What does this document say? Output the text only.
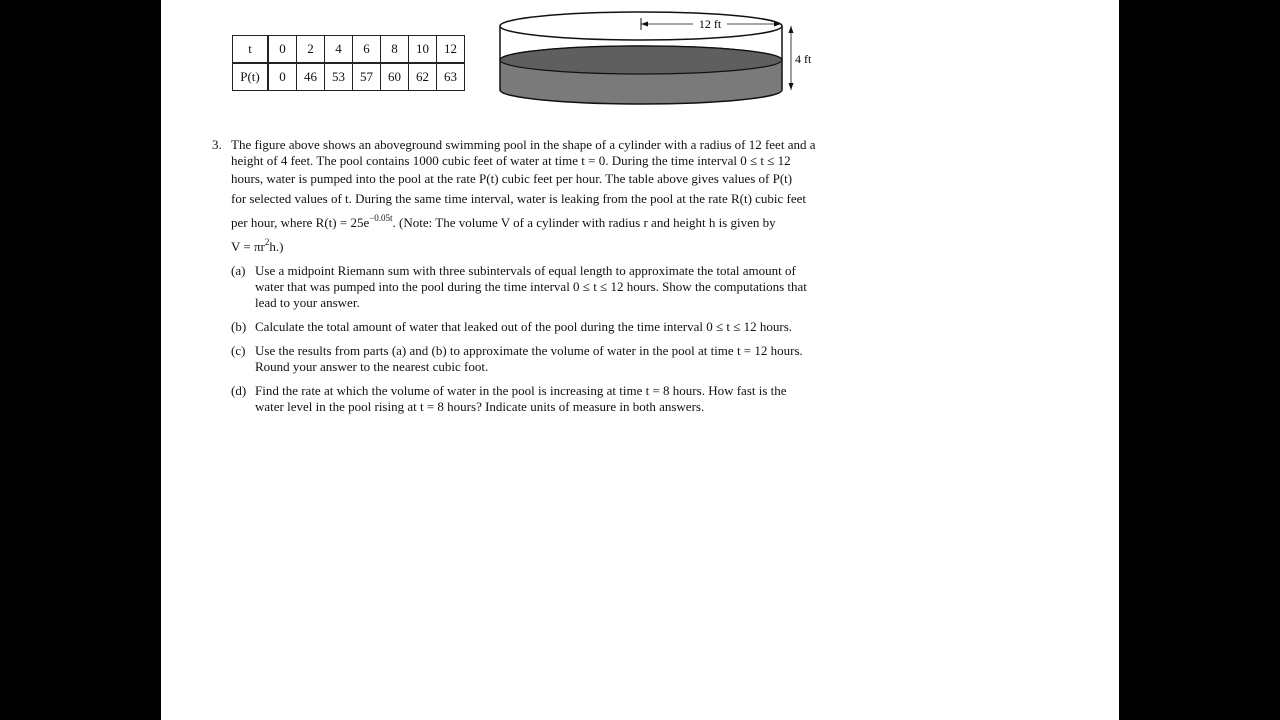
t	0	2	4	6	8	10	12
P(t)	0	46	53	57	60	62	63
12 ft
4 ft
3. The figure above shows an aboveground swimming pool in the shape of a cylinder with a radius of 12 feet and a
height of 4 feet. The pool contains 1000 cubic feet of water at time t = 0. During the time interval 0 ≤ t ≤ 12
hours, water is pumped into the pool at the rate P(t) cubic feet per hour. The table above gives values of P(t)
for selected values of t. During the same time interval, water is leaking from the pool at the rate R(t) cubic feet
per hour, where $R(t) = 25e^{-0.05t}$. (Note: The volume V of a cylinder with radius r and height h is given by
$V = \pi r^2h$.)
(a) Use a midpoint Riemann sum with three subintervals of equal length to approximate the total amount of
water that was pumped into the pool during the time interval 0 ≤ t ≤ 12 hours. Show the computations that
lead to your answer.
(b) Calculate the total amount of water that leaked out of the pool during the time interval 0 ≤ t ≤ 12 hours.
(c) Use the results from parts (a) and (b) to approximate the volume of water in the pool at time t = 12 hours.
Round your answer to the nearest cubic foot.
(d) Find the rate at which the volume of water in the pool is increasing at time t = 8 hours. How fast is the
water level in the pool rising at t = 8 hours? Indicate units of measure in both answers.
